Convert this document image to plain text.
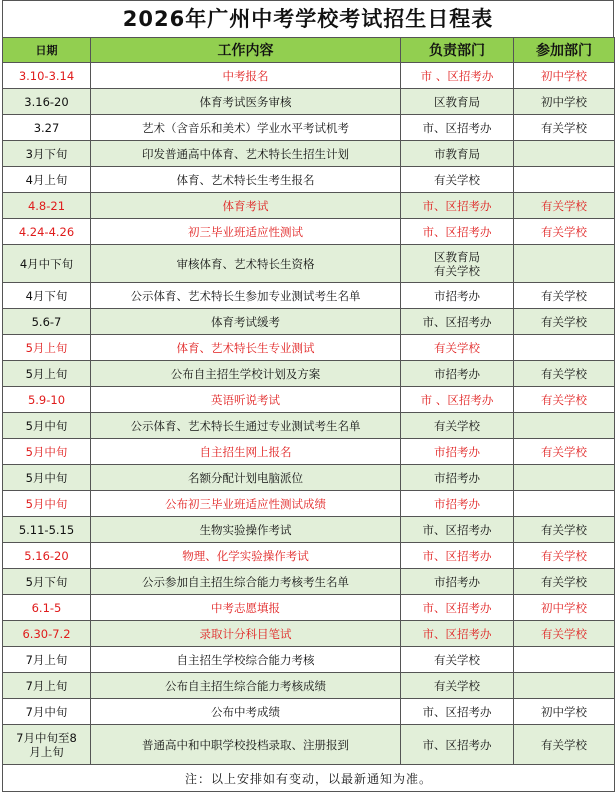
2026年广州中考学校考试招生日程表
日期	工作内容	负责部门	参加部门
3.10-3.14	中考报名	市 、区招考办	初中学校
3.16-20	体育考试医务审核	区教育局	初中学校
3.27	艺术（含音乐和美术）学业水平考试机考	市、区招考办	有关学校
3月下旬	印发普通高中体育、艺术特长生招生计划	市教育局	
4月上旬	体育、艺术特长生考生报名	有关学校	
4.8-21	体育考试	市、区招考办	有关学校
4.24-4.26	初三毕业班适应性测试	市、区招考办	有关学校
4月中下旬	审核体育、艺术特长生资格	区教育局
有关学校	

4月下旬	公示体育、艺术特长生参加专业测试考生名单	市招考办	有关学校
5.6-7	体育考试缓考	市、区招考办	有关学校
5月上旬	体育、艺术特长生专业测试	有关学校	
5月上旬	公布自主招生学校计划及方案	市招考办	有关学校
5.9-10	英语听说考试	市 、区招考办	有关学校
5月中旬	公示体育、艺术特长生通过专业测试考生名单	有关学校	
5月中旬	自主招生网上报名	市招考办	有关学校
5月中旬	名额分配计划电脑派位	市招考办	
5月中旬	公布初三毕业班适应性测试成绩	市招考办	
5.11-5.15	生物实验操作考试	市、区招考办	有关学校
5.16-20	物理、化学实验操作考试	市、区招考办	有关学校
5月下旬	公示参加自主招生综合能力考核考生名单	市招考办	有关学校
6.1-5	中考志愿填报	市、区招考办	初中学校
6.30-7.2	录取计分科目笔试	市、区招考办	有关学校
7月上旬	自主招生学校综合能力考核	有关学校	
7月上旬	公布自主招生综合能力考核成绩	有关学校	
7月中旬	公布中考成绩	市、区招考办	初中学校

7月中旬至8
月上旬	普通高中和中职学校投档录取、注册报到	市、区招考办	有关学校
注：以上安排如有变动，以最新通知为准。			
